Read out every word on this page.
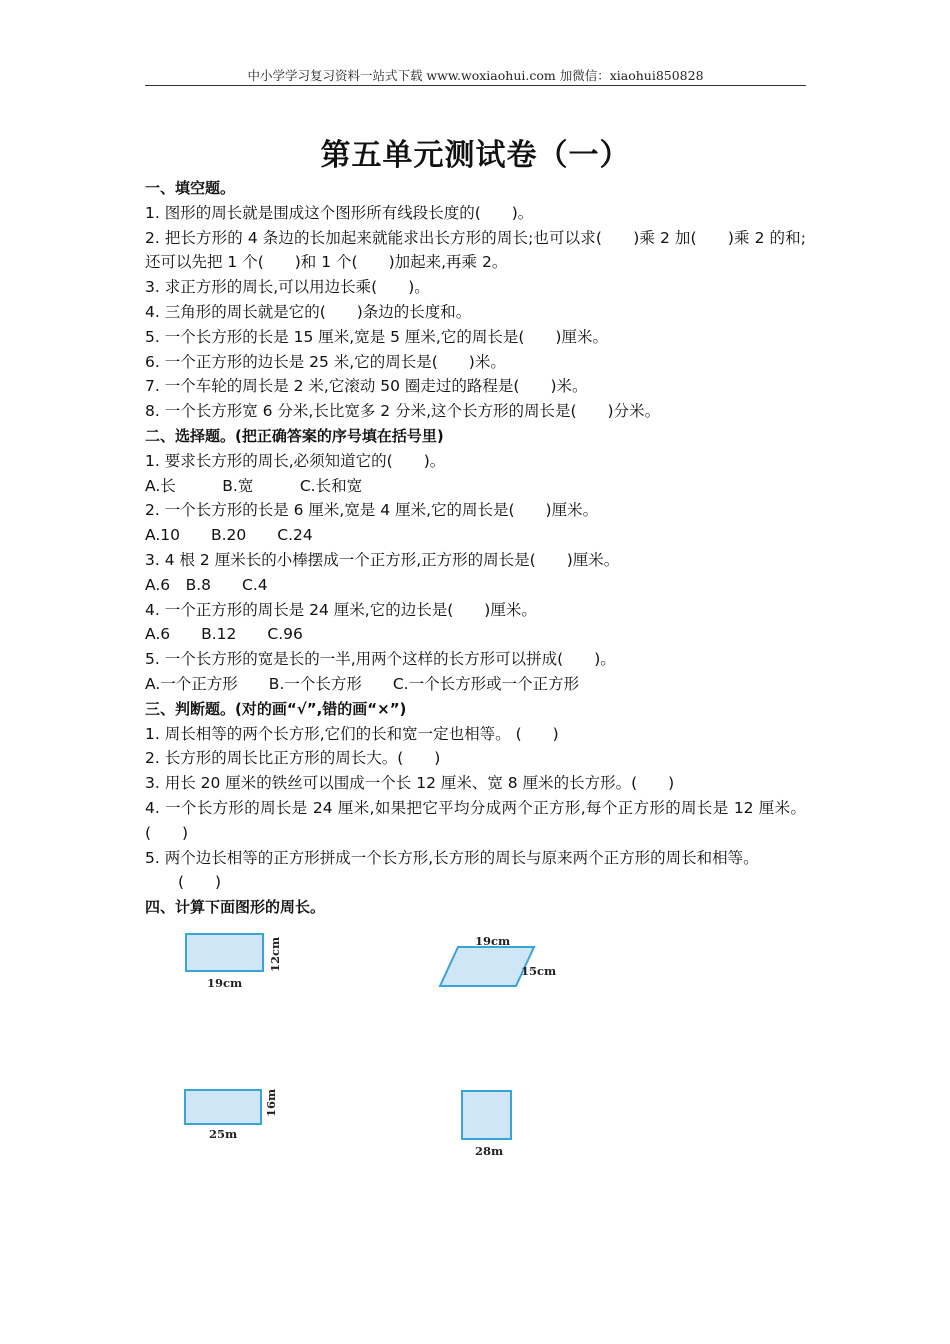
中小学学习复习资料一站式下载 www.woxiaohui.com 加微信：xiaohui850828
第五单元测试卷（一）
一、填空题。
1. 图形的周长就是围成这个图形所有线段长度的(　　)。
2. 把长方形的 4 条边的长加起来就能求出长方形的周长;也可以求(　　)乘 2 加(　　)乘 2 的和;还可以先把 1 个(　　)和 1 个(　　)加起来,再乘 2。
3. 求正方形的周长,可以用边长乘(　　)。
4. 三角形的周长就是它的(　　)条边的长度和。
5. 一个长方形的长是 15 厘米,宽是 5 厘米,它的周长是(　　)厘米。
6. 一个正方形的边长是 25 米,它的周长是(　　)米。
7. 一个车轮的周长是 2 米,它滚动 50 圈走过的路程是(　　)米。
8. 一个长方形宽 6 分米,长比宽多 2 分米,这个长方形的周长是(　　)分米。
二、选择题。(把正确答案的序号填在括号里)
1. 要求长方形的周长,必须知道它的(　　)。
A.长　　　B.宽　　　C.长和宽
2. 一个长方形的长是 6 厘米,宽是 4 厘米,它的周长是(　　)厘米。
A.10　　B.20　　C.24
3. 4 根 2 厘米长的小棒摆成一个正方形,正方形的周长是(　　)厘米。
A.6　B.8　　C.4
4. 一个正方形的周长是 24 厘米,它的边长是(　　)厘米。
A.6　　B.12　　C.96
5. 一个长方形的宽是长的一半,用两个这样的长方形可以拼成(　　)。
A.一个正方形　　B.一个长方形　　C.一个长方形或一个正方形
三、判断题。(对的画“√”,错的画“×”)
1. 周长相等的两个长方形,它们的长和宽一定也相等。 (　　)
2. 长方形的周长比正方形的周长大。(　　)
3. 用长 20 厘米的铁丝可以围成一个长 12 厘米、宽 8 厘米的长方形。(　　)
4. 一个长方形的周长是 24 厘米,如果把它平均分成两个正方形,每个正方形的周长是 12 厘米。(　　)
5. 两个边长相等的正方形拼成一个长方形,长方形的周长与原来两个正方形的周长和相等。
(　　)
四、计算下面图形的周长。
19cm
12cm	19cm
15cm
25m
16m
28m
